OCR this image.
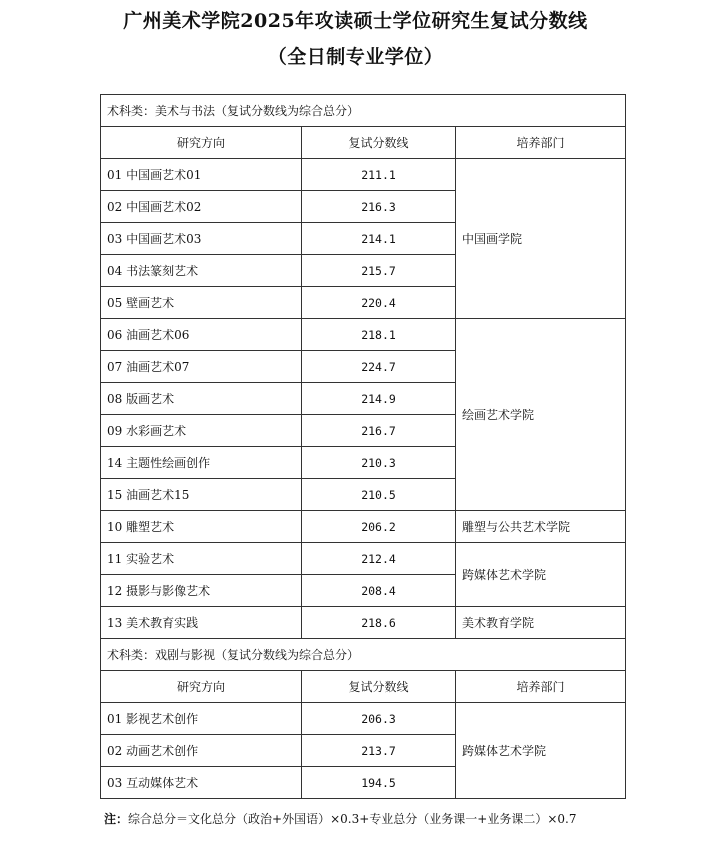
广州美术学院2025年攻读硕士学位研究生复试分数线
（全日制专业学位）
术科类：美术与书法（复试分数线为综合总分）		
研究方向	复试分数线	培养部门
01 中国画艺术01	211.1	中国画学院
02 中国画艺术02	216.3	
03 中国画艺术03	214.1	
04 书法篆刻艺术	215.7	
05 壁画艺术	220.4	
06 油画艺术06	218.1	绘画艺术学院
07 油画艺术07	224.7	
08 版画艺术	214.9	
09 水彩画艺术	216.7	
14 主题性绘画创作	210.3	
15 油画艺术15	210.5	
10 雕塑艺术	206.2	雕塑与公共艺术学院
11 实验艺术	212.4	跨媒体艺术学院
12 摄影与影像艺术	208.4	
13 美术教育实践	218.6	美术教育学院
术科类：戏剧与影视（复试分数线为综合总分）		
研究方向	复试分数线	培养部门
01 影视艺术创作	206.3	跨媒体艺术学院
02 动画艺术创作	213.7	
03 互动媒体艺术	194.5	
注：综合总分＝文化总分（政治+外国语）×0.3+专业总分（业务课一+业务课二）×0.7
